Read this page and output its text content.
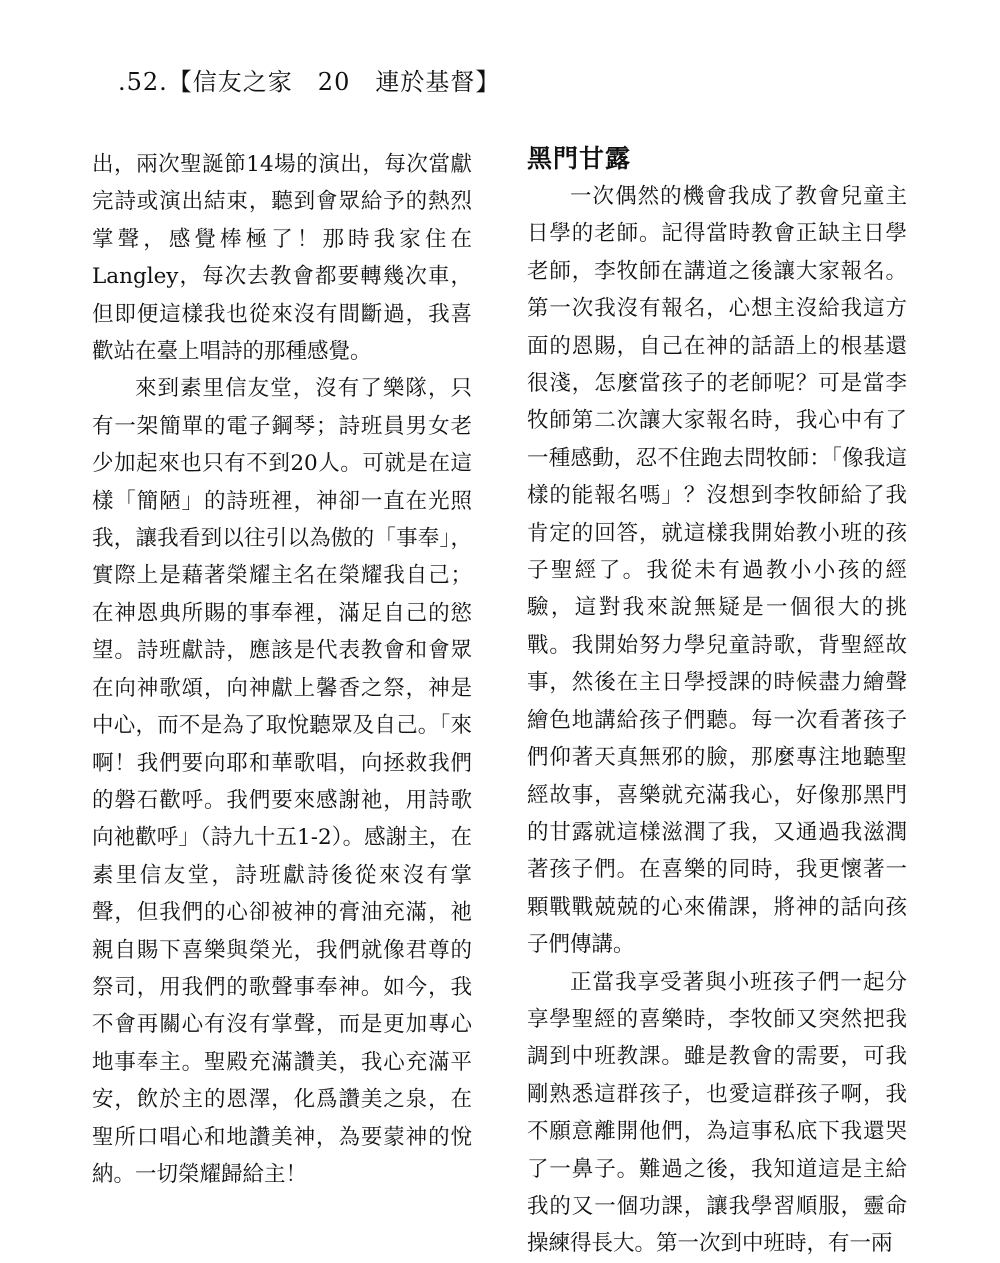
.52.【信友之家　20　連於基督】

出，兩次聖誕節14場的演出，每次當獻完詩或演出結束，聽到會眾給予的熱烈掌聲，感覺棒極了！那時我家住在Langley，每次去教會都要轉幾次車，但即便這樣我也從來沒有間斷過，我喜歡站在臺上唱詩的那種感覺。

來到素里信友堂，沒有了樂隊，只有一架簡單的電子鋼琴；詩班員男女老少加起來也只有不到20人。可就是在這樣「簡陋」的詩班裡，神卻一直在光照我，讓我看到以往引以為傲的「事奉」，實際上是藉著榮耀主名在榮耀我自己；在神恩典所賜的事奉裡，滿足自己的慾望。詩班獻詩，應該是代表教會和會眾在向神歌頌，向神獻上馨香之祭，神是中心，而不是為了取悅聽眾及自己。「來啊！我們要向耶和華歌唱，向拯救我們的磐石歡呼。我們要來感謝祂，用詩歌向祂歡呼」（詩九十五1-2）。感謝主，在素里信友堂，詩班獻詩後從來沒有掌聲，但我們的心卻被神的膏油充滿，祂親自賜下喜樂與榮光，我們就像君尊的祭司，用我們的歌聲事奉神。如今，我不會再關心有沒有掌聲，而是更加專心地事奉主。聖殿充滿讚美，我心充滿平安，飲於主的恩澤，化爲讚美之泉，在聖所口唱心和地讚美神，為要蒙神的悅納。一切榮耀歸給主！

黑門甘露

一次偶然的機會我成了教會兒童主日學的老師。記得當時教會正缺主日學老師，李牧師在講道之後讓大家報名。第一次我沒有報名，心想主沒給我這方面的恩賜，自己在神的話語上的根基還很淺，怎麼當孩子的老師呢？可是當李牧師第二次讓大家報名時，我心中有了一種感動，忍不住跑去問牧師：「像我這樣的能報名嗎」？沒想到李牧師給了我肯定的回答，就這樣我開始教小班的孩子聖經了。我從未有過教小小孩的經驗，這對我來說無疑是一個很大的挑戰。我開始努力學兒童詩歌，背聖經故事，然後在主日學授課的時候盡力繪聲繪色地講給孩子們聽。每一次看著孩子們仰著天真無邪的臉，那麼專注地聽聖經故事，喜樂就充滿我心，好像那黑門的甘露就這樣滋潤了我，又通過我滋潤著孩子們。在喜樂的同時，我更懷著一顆戰戰兢兢的心來備課，將神的話向孩子們傳講。

正當我享受著與小班孩子們一起分享學聖經的喜樂時，李牧師又突然把我調到中班教課。雖是教會的需要，可我剛熟悉這群孩子，也愛這群孩子啊，我不願意離開他們，為這事私底下我還哭了一鼻子。難過之後，我知道這是主給我的又一個功課，讓我學習順服，靈命操練得長大。第一次到中班時，有一兩
